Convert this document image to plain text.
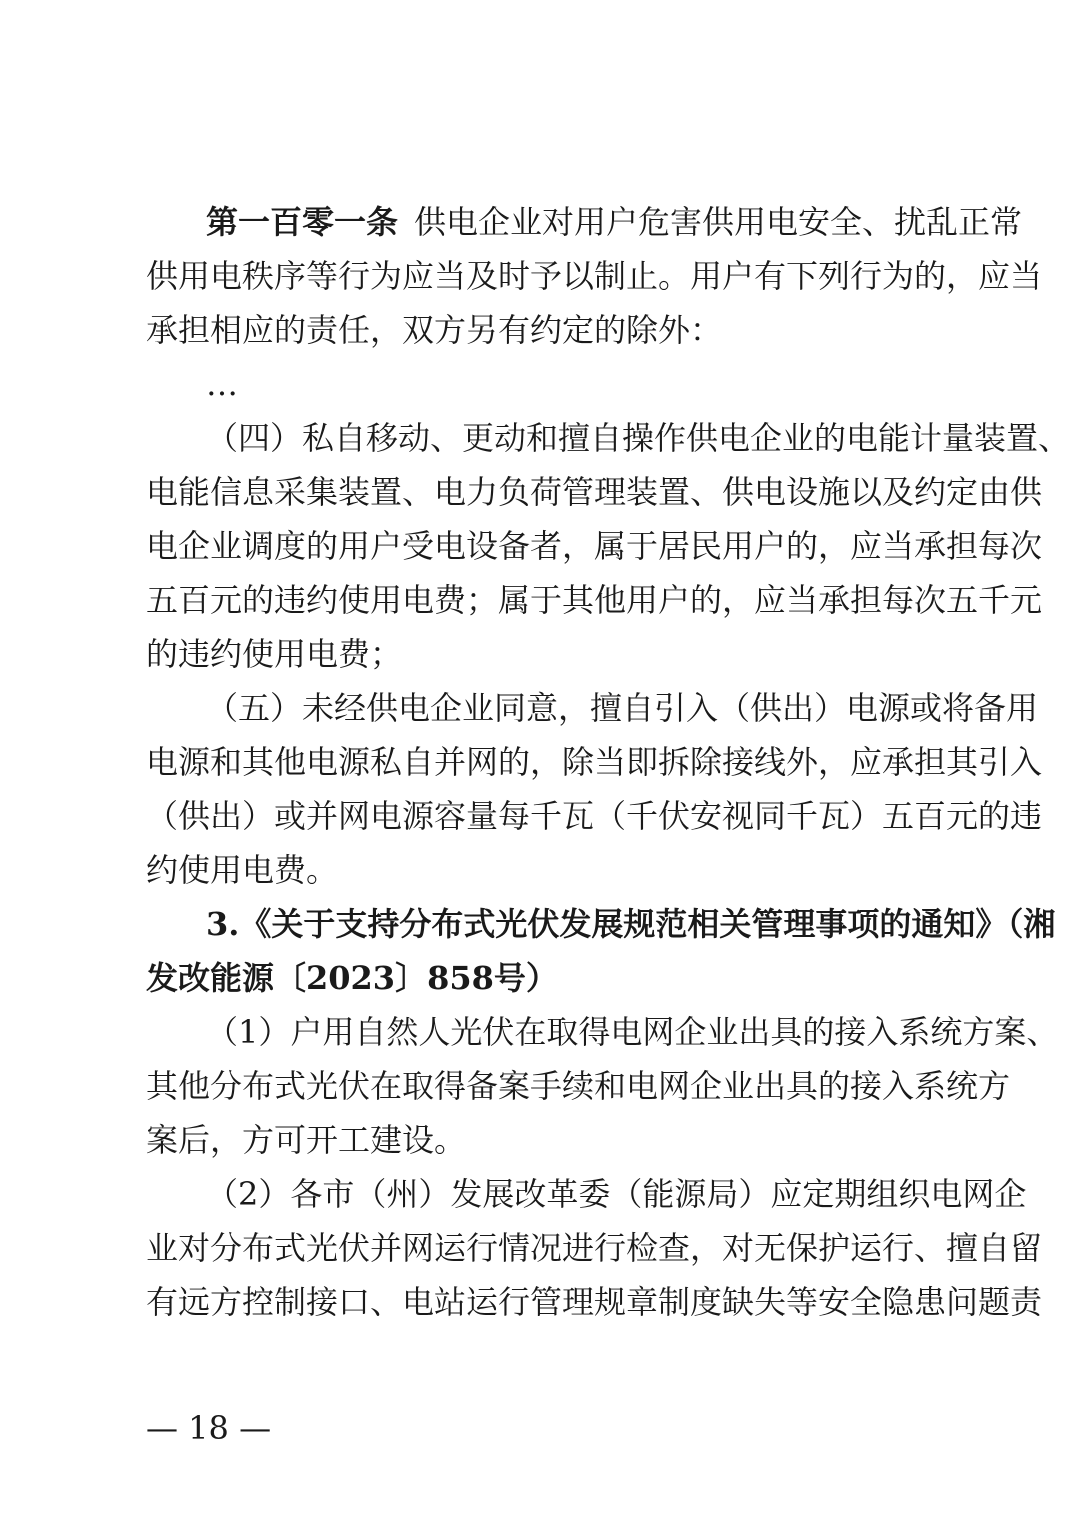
第一百零一条 供电企业对用户危害供用电安全、扰乱正常
供用电秩序等行为应当及时予以制止。用户有下列行为的，应当
承担相应的责任，双方另有约定的除外：
…
（四）私自移动、更动和擅自操作供电企业的电能计量装置、
电能信息采集装置、电力负荷管理装置、供电设施以及约定由供
电企业调度的用户受电设备者，属于居民用户的，应当承担每次
五百元的违约使用电费；属于其他用户的，应当承担每次五千元
的违约使用电费；
（五）未经供电企业同意，擅自引入（供出）电源或将备用
电源和其他电源私自并网的，除当即拆除接线外，应承担其引入
（供出）或并网电源容量每千瓦（千伏安视同千瓦）五百元的违
约使用电费。
3.《关于支持分布式光伏发展规范相关管理事项的通知》（湘
发改能源〔2023〕858号）
（1）户用自然人光伏在取得电网企业出具的接入系统方案、
其他分布式光伏在取得备案手续和电网企业出具的接入系统方
案后，方可开工建设。
（2）各市（州）发展改革委（能源局）应定期组织电网企
业对分布式光伏并网运行情况进行检查，对无保护运行、擅自留
有远方控制接口、电站运行管理规章制度缺失等安全隐患问题责
— 18 —
